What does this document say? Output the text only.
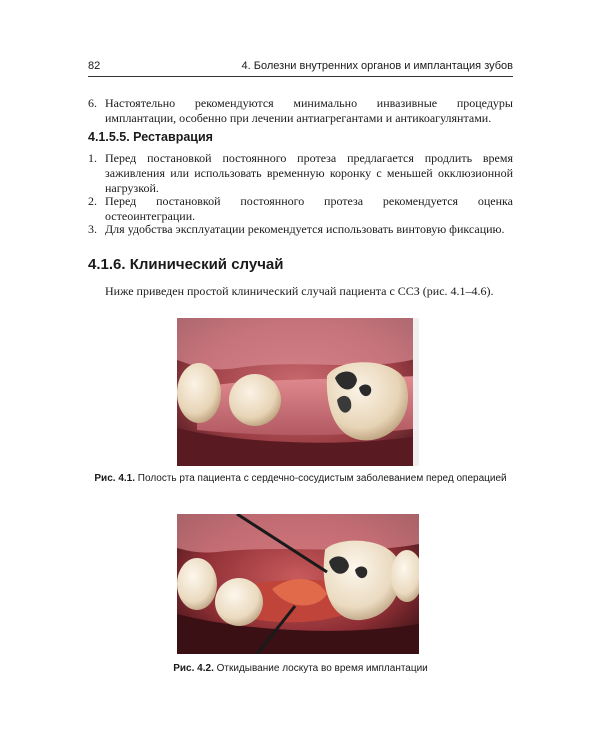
82	4. Болезни внутренних органов и имплантация зубов
6. Настоятельно рекомендуются минимально инвазивные процедуры имплантации, особенно при лечении антиагрегантами и антикоагулянтами.
4.1.5.5. Реставрация
1. Перед постановкой постоянного протеза предлагается продлить время заживления или использовать временную коронку с меньшей окклюзионной нагрузкой.
2. Перед постановкой постоянного протеза рекомендуется оценка остеоинтеграции.
3. Для удобства эксплуатации рекомендуется использовать винтовую фиксацию.
4.1.6. Клинический случай
Ниже приведен простой клинический случай пациента с ССЗ (рис. 4.1–4.6).
Рис. 4.1. Полость рта пациента с сердечно-сосудистым заболеванием перед операцией
Рис. 4.2. Откидывание лоскута во время имплантации
